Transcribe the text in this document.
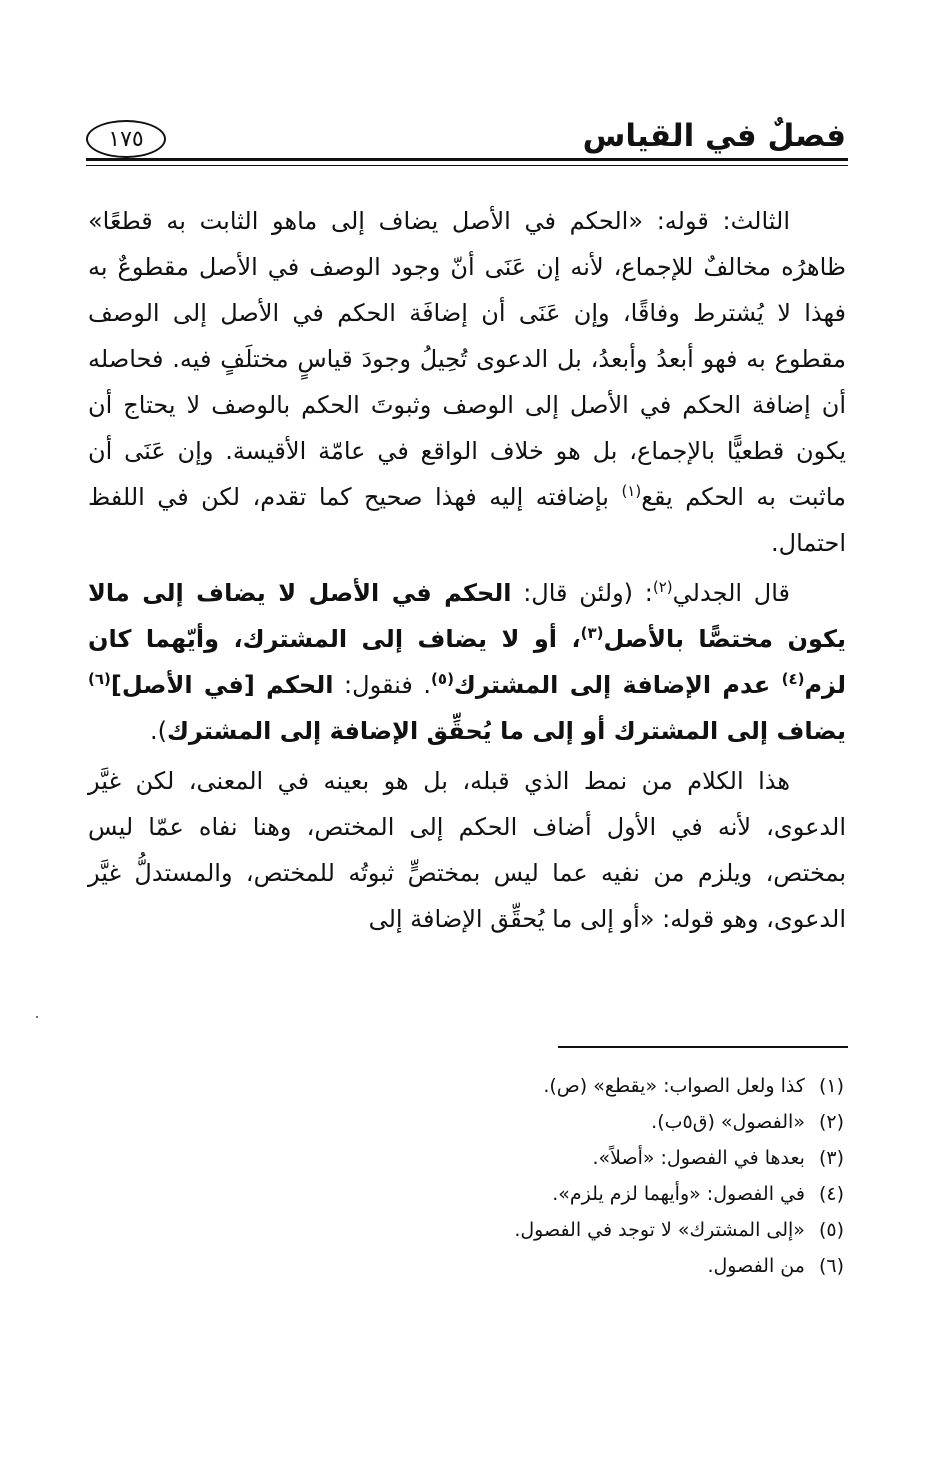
فصلٌ في القياس
١٧٥

الثالث: قوله: «الحكم في الأصل يضاف إلى ماهو الثابت به قطعًا» ظاهرُه مخالفٌ للإجماع، لأنه إن عَنَى أنّ وجود الوصف في الأصل مقطوعٌ به فهذا لا يُشترط وفاقًا، وإن عَنَى أن إضافَة الحكم في الأصل إلى الوصف مقطوع به فهو أبعدُ وأبعدُ، بل الدعوى تُحِيلُ وجودَ قياسٍ مختلَفٍ فيه. فحاصله أن إضافة الحكم في الأصل إلى الوصف وثبوتَ الحكم بالوصف لا يحتاج أن يكون قطعيًّا بالإجماع، بل هو خلاف الواقع في عامّة الأقيسة. وإن عَنَى أن ماثبت به الحكم يقع$^{(١)}$ بإضافته إليه فهذا صحيح كما تقدم، لكن في اللفظ احتمال.

قال الجدلي$^{(٢)}$: (ولئن قال: الحكم في الأصل لا يضاف إلى مالا يكون مختصًّا بالأصل$^{(٣)}$، أو لا يضاف إلى المشترك، وأيّهما كان لزم$^{(٤)}$ عدم الإضافة إلى المشترك$^{(٥)}$. فنقول: الحكم [في الأصل]$^{(٦)}$ يضاف إلى المشترك أو إلى ما يُحقِّق الإضافة إلى المشترك).

هذا الكلام من نمط الذي قبله، بل هو بعينه في المعنى، لكن غيَّر الدعوى، لأنه في الأول أضاف الحكم إلى المختص، وهنا نفاه عمّا ليس بمختص، ويلزم من نفيه عما ليس بمختصٍّ ثبوتُه للمختص، والمستدلُّ غيَّر الدعوى، وهو قوله: «أو إلى ما يُحقِّق الإضافة إلى

(١)
كذا ولعل الصواب: «يقطع» (ص).
(٢)
«الفصول» (ق٥ب).
(٣)
بعدها في الفصول: «أصلاً».
(٤)
في الفصول: «وأيهما لزم يلزم».
(٥)
«إلى المشترك» لا توجد في الفصول.
(٦)
من الفصول.
